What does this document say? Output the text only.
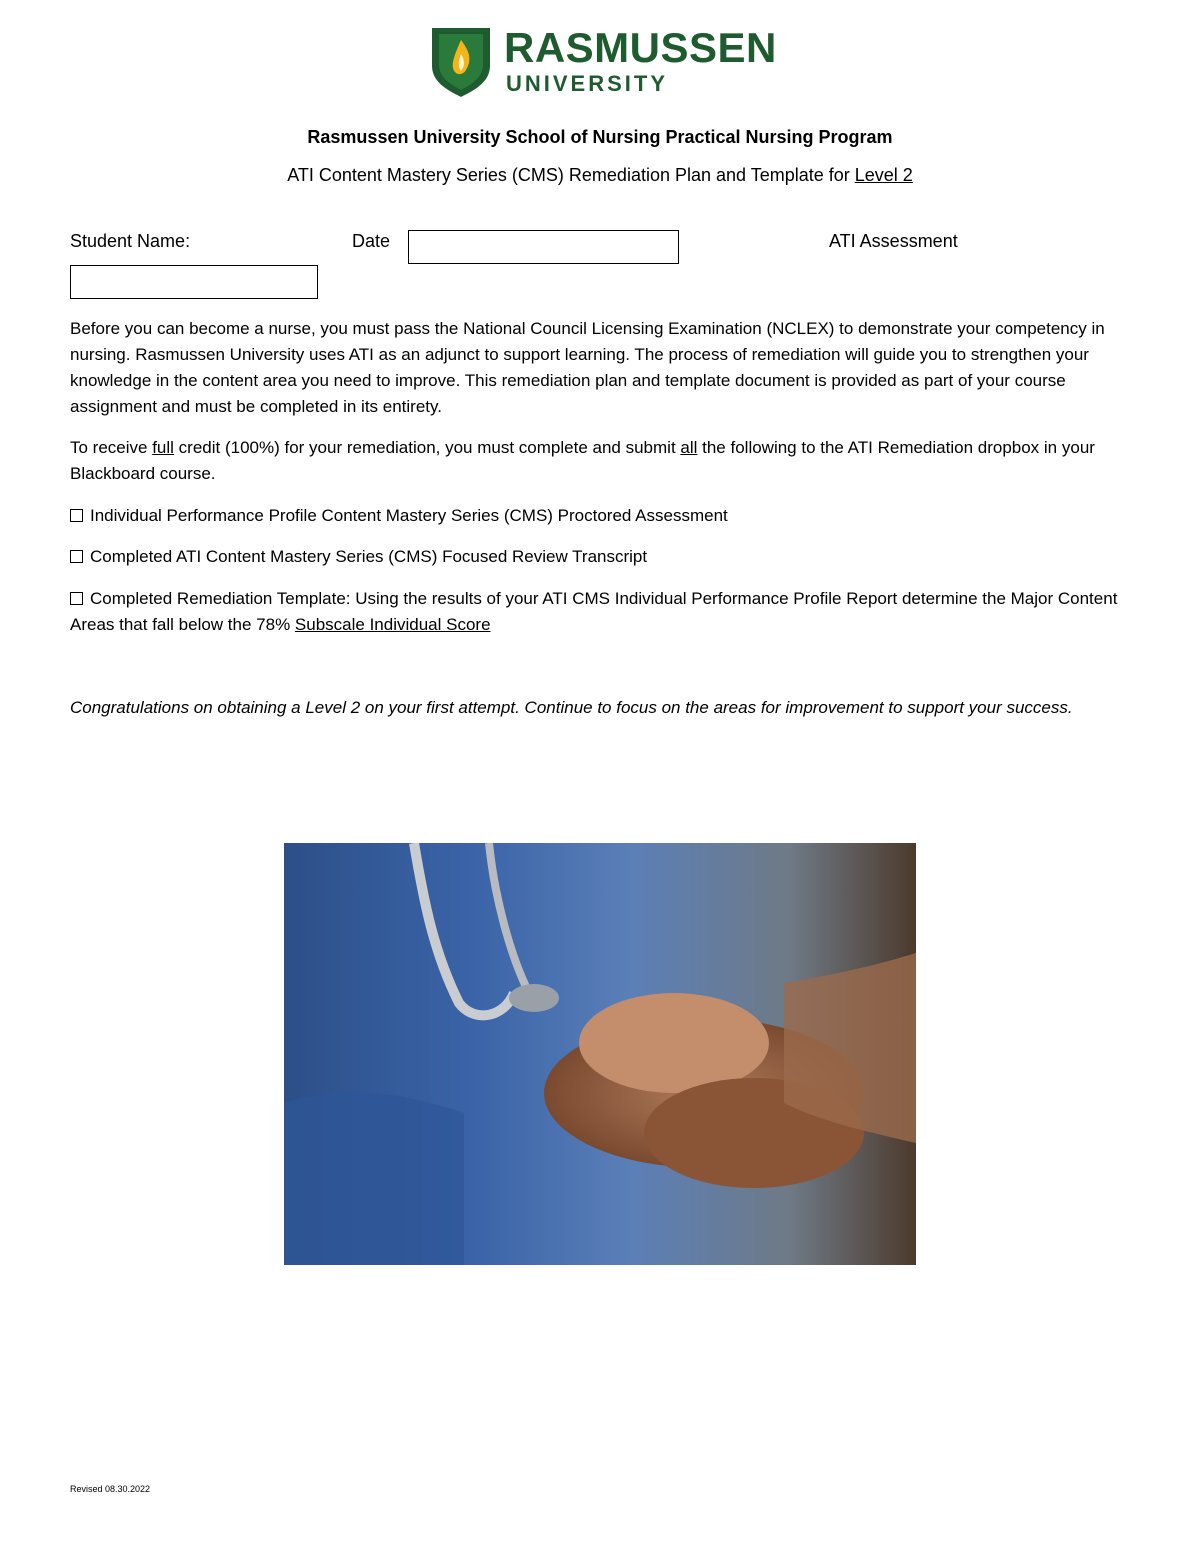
RASMUSSEN
UNIVERSITY
Rasmussen University School of Nursing Practical Nursing Program
ATI Content Mastery Series (CMS) Remediation Plan and Template for Level 2
Student Name:	Date	ATI Assessment
Before you can become a nurse, you must pass the National Council Licensing Examination (NCLEX) to demonstrate your competency in nursing. Rasmussen University uses ATI as an adjunct to support learning. The process of remediation will guide you to strengthen your knowledge in the content area you need to improve. This remediation plan and template document is provided as part of your course assignment and must be completed in its entirety.
To receive full credit (100%) for your remediation, you must complete and submit all the following to the ATI Remediation dropbox in your Blackboard course.
Individual Performance Profile Content Mastery Series (CMS) Proctored Assessment
Completed ATI Content Mastery Series (CMS) Focused Review Transcript
Completed Remediation Template: Using the results of your ATI CMS Individual Performance Profile Report determine the Major Content Areas that fall below the 78% Subscale Individual Score
Congratulations on obtaining a Level 2 on your first attempt. Continue to focus on the areas for improvement to support your success.
Revised 08.30.2022
